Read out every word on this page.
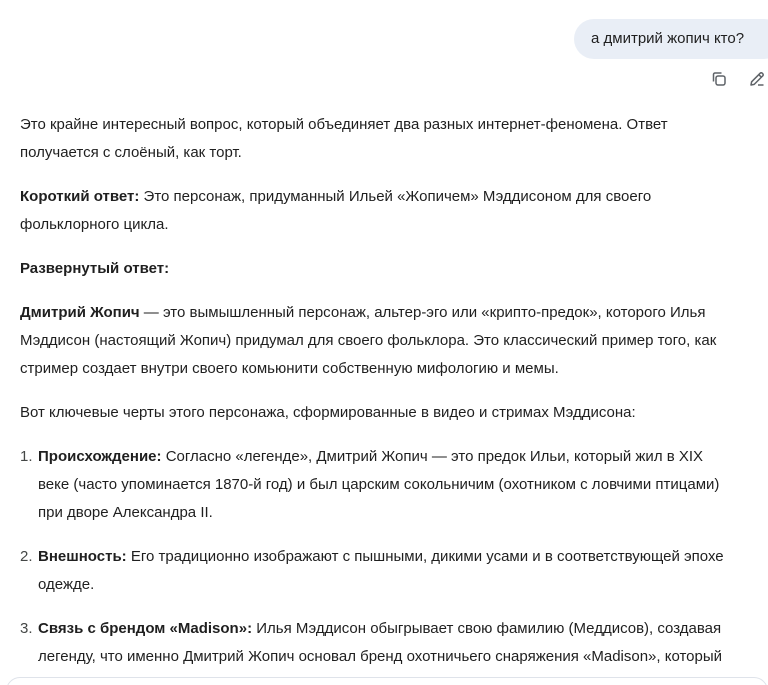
а дмитрий жопич кто?

Это крайне интересный вопрос, который объединяет два разных интернет-феномена. Ответ
получается с слоёный, как торт.

Короткий ответ: Это персонаж, придуманный Ильей «Жопичем» Мэддисоном для своего
фольклорного цикла.

Развернутый ответ:

Дмитрий Жопич — это вымышленный персонаж, альтер-эго или «крипто-предок», которого Илья
Мэддисон (настоящий Жопич) придумал для своего фольклора. Это классический пример того, как
стример создает внутри своего комьюнити собственную мифологию и мемы.

Вот ключевые черты этого персонажа, сформированные в видео и стримах Мэддисона:

1. Происхождение: Согласно «легенде», Дмитрий Жопич — это предок Ильи, который жил в XIX
веке (часто упоминается 1870-й год) и был царским сокольничим (охотником с ловчими птицами)
при дворе Александра II.
2. Внешность: Его традиционно изображают с пышными, дикими усами и в соответствующей эпохе
одежде.
3. Связь с брендом «Madison»: Илья Мэддисон обыгрывает свою фамилию (Меддисов), создавая
легенду, что именно Дмитрий Жопич основал бренд охотничьего снаряжения «Madison», который
